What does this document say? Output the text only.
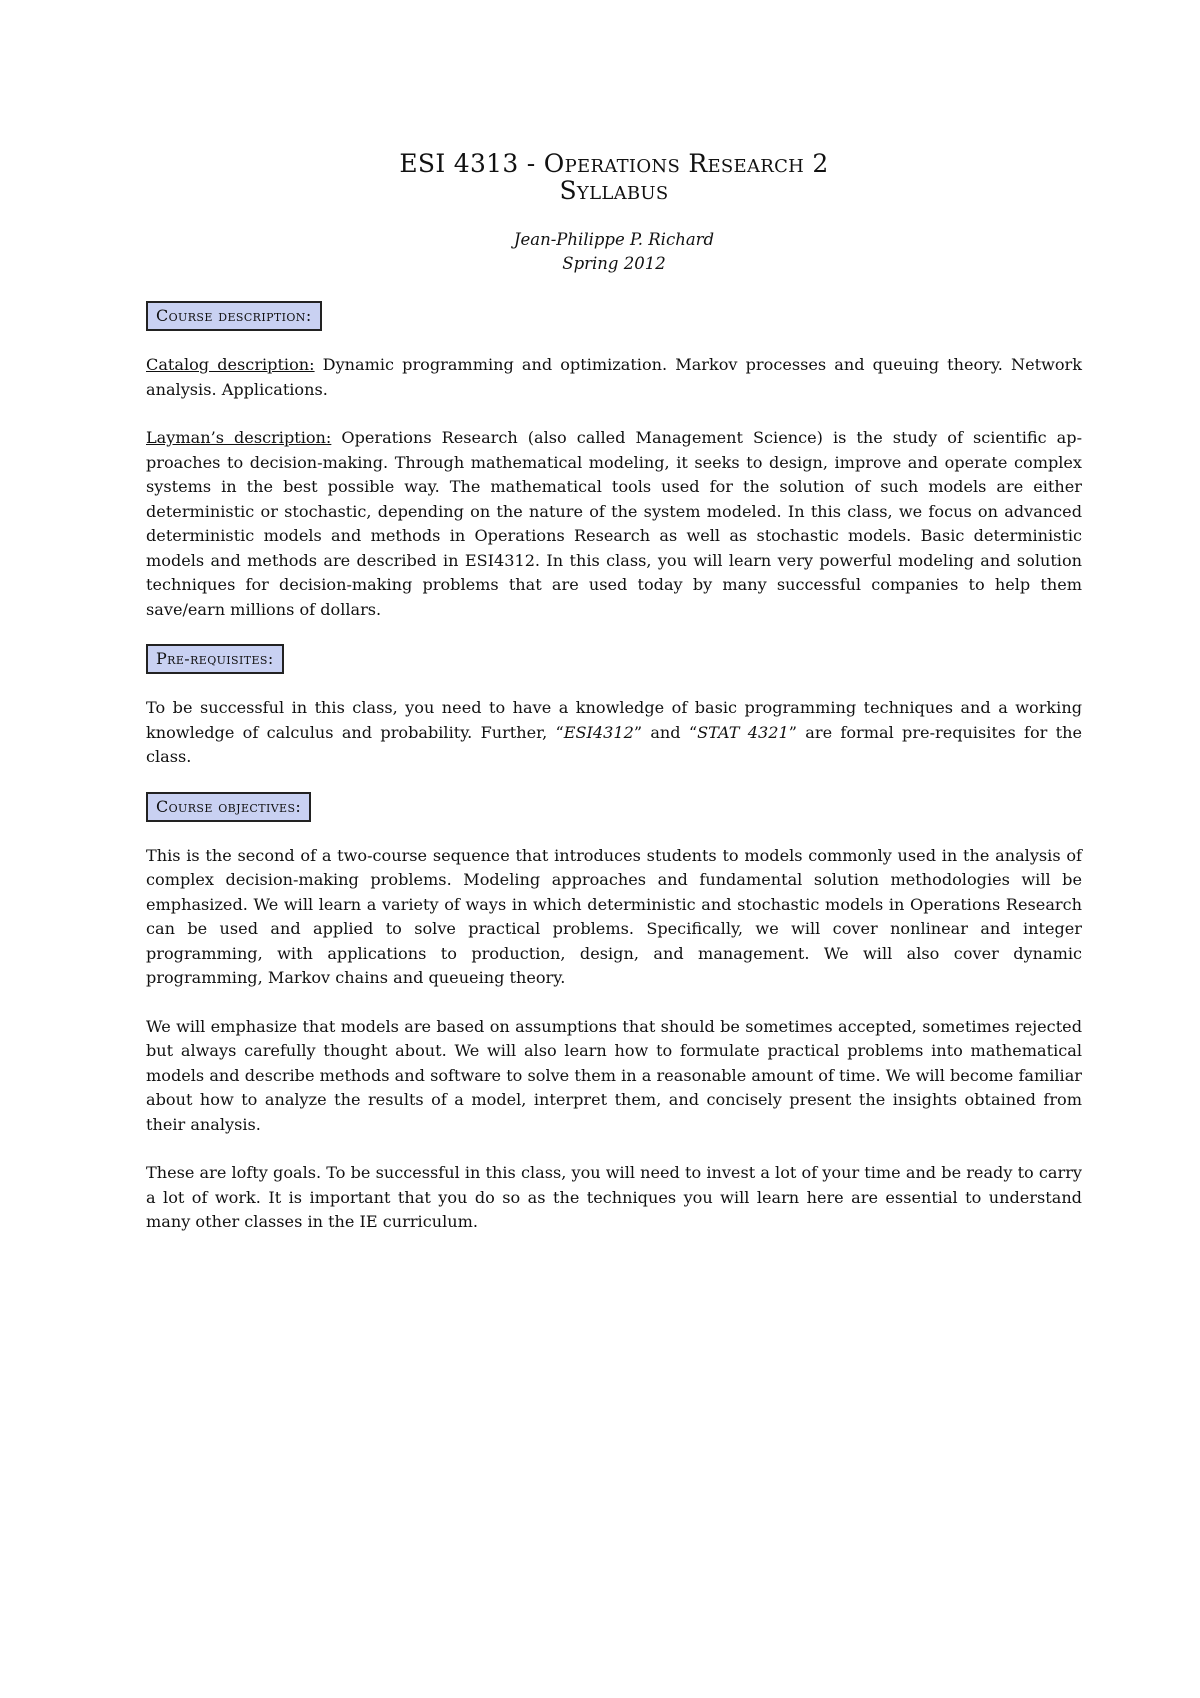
ESI 4313 - Operations Research 2
Syllabus
Jean-Philippe P. Richard
Spring 2012
Course description:

Catalog description: Dynamic programming and optimization. Markov processes and queuing theory. Network analysis. Applications.

Layman’s description: Operations Research (also called Management Science) is the study of scientific approaches to decision-making. Through mathematical modeling, it seeks to design, improve and operate complex systems in the best possible way. The mathematical tools used for the solution of such models are either deterministic or stochastic, depending on the nature of the system modeled. In this class, we focus on advanced deterministic models and methods in Operations Research as well as stochastic models. Basic deterministic models and methods are described in ESI4312. In this class, you will learn very powerful modeling and solution techniques for decision-making problems that are used today by many successful companies to help them save/earn millions of dollars.

Pre-requisites:

To be successful in this class, you need to have a knowledge of basic programming techniques and a working knowledge of calculus and probability. Further, “ESI4312” and “STAT 4321” are formal pre-requisites for the class.

Course objectives:

This is the second of a two-course sequence that introduces students to models commonly used in the analysis of complex decision-making problems. Modeling approaches and fundamental solution methodologies will be emphasized. We will learn a variety of ways in which deterministic and stochastic models in Operations Research can be used and applied to solve practical problems. Specifically, we will cover nonlinear and integer programming, with applications to production, design, and management. We will also cover dynamic programming, Markov chains and queueing theory.

We will emphasize that models are based on assumptions that should be sometimes accepted, sometimes rejected but always carefully thought about. We will also learn how to formulate practical problems into mathematical models and describe methods and software to solve them in a reasonable amount of time. We will become familiar about how to analyze the results of a model, interpret them, and concisely present the insights obtained from their analysis.

These are lofty goals. To be successful in this class, you will need to invest a lot of your time and be ready to carry a lot of work. It is important that you do so as the techniques you will learn here are essential to understand many other classes in the IE curriculum.
